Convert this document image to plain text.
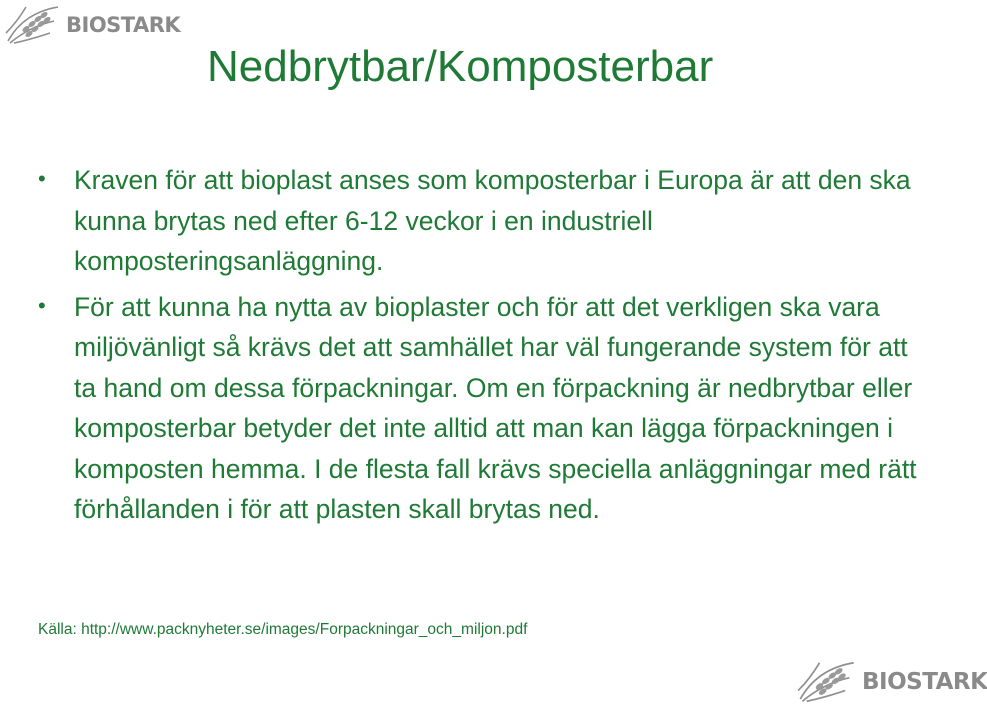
BIOSTARK
Nedbrytbar/Komposterbar
• Kraven för att bioplast anses som komposterbar i Europa är att den ska kunna brytas ned efter 6-12 veckor i en industriell komposteringsanläggning.
• För att kunna ha nytta av bioplaster och för att det verkligen ska vara miljövänligt så krävs det att samhället har väl fungerande system för att ta hand om dessa förpackningar. Om en förpackning är nedbrytbar eller komposterbar betyder det inte alltid att man kan lägga förpackningen i komposten hemma. I de flesta fall krävs speciella anläggningar med rätt förhållanden i för att plasten skall brytas ned.
Källa: http://www.packnyheter.se/images/Forpackningar_och_miljon.pdf
BIOSTARK
